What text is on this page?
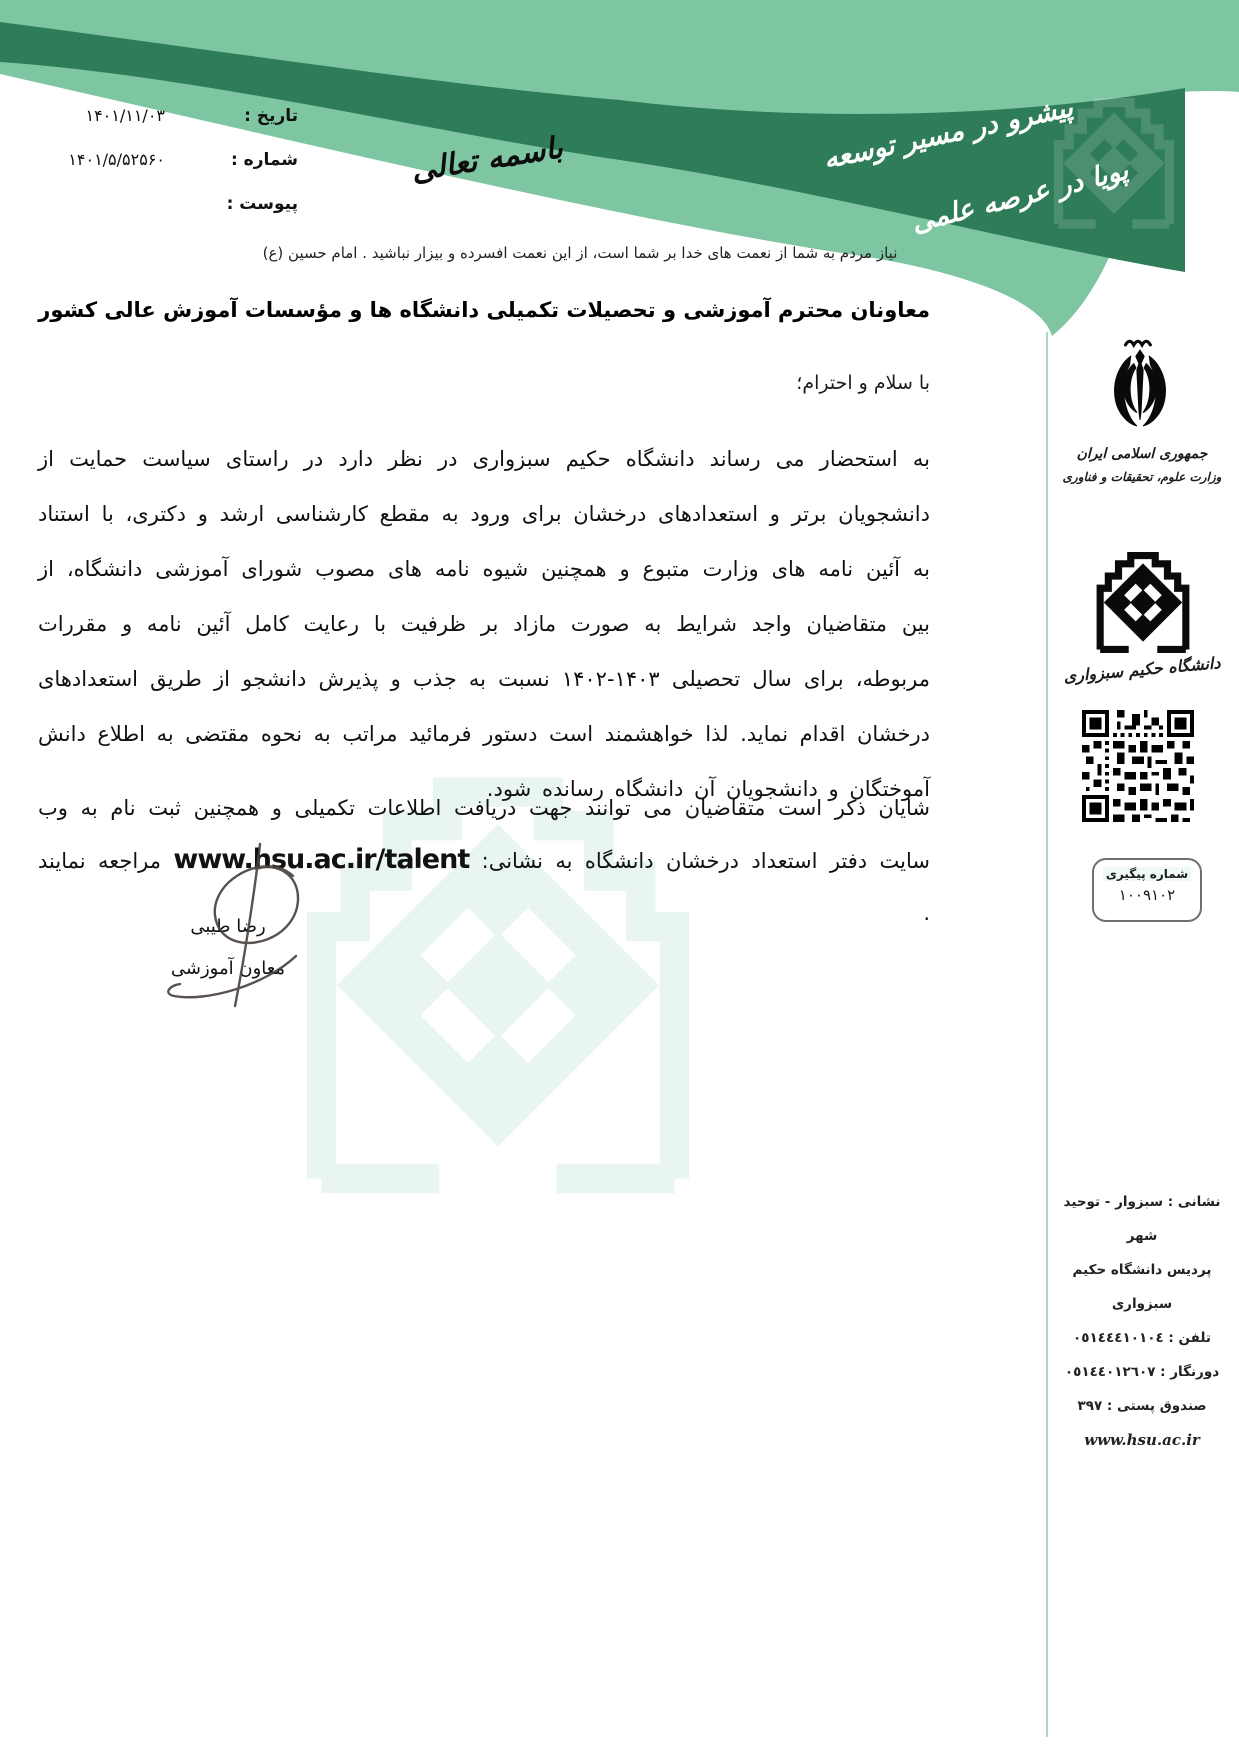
پیشرو در مسیر توسعه
پویا در عرصه علمی
تاریخ :
۱۴۰۱/۱۱/۰۳
شماره :
۱۴۰۱/۵/۵۲۵۶۰
پیوست :
باسمه تعالی
نیاز مردم به شما از نعمت های خدا بر شما است، از این نعمت افسرده و بیزار نباشید . امام حسین (ع)
معاونان محترم آموزشی و تحصیلات تکمیلی دانشگاه ها و مؤسسات آموزش عالی کشور
با سلام و احترام؛
به استحضار می رساند دانشگاه حکیم سبزواری در نظر دارد در راستای سیاست حمایت از دانشجویان برتر و استعدادهای درخشان برای ورود به مقطع کارشناسی ارشد و دکتری، با استناد به آئین نامه های وزارت متبوع و همچنین شیوه نامه های مصوب شورای آموزشی دانشگاه، از بین متقاضیان واجد شرایط به صورت مازاد بر ظرفیت با رعایت کامل آئین نامه و مقررات مربوطه، برای سال تحصیلی ۱۴۰۳-۱۴۰۲ نسبت به جذب و پذیرش دانشجو از طریق استعدادهای درخشان اقدام نماید. لذا خواهشمند است دستور فرمائید مراتب به نحوه مقتضی به اطلاع دانش آموختگان و دانشجویان آن دانشگاه رسانده شود.
شایان ذکر است متقاضیان می توانند جهت دریافت اطلاعات تکمیلی و همچنین ثبت نام به وب سایت دفتر استعداد درخشان دانشگاه به نشانی: www.hsu.ac.ir/talent مراجعه نمایند .
رضا طیبی
معاون آموزشی
جمهوری اسلامی ایران
وزارت علوم، تحقیقات و فناوری
دانشگاه حکیم سبزواری
شماره پیگیری
۱۰۰۹۱۰۲
نشانی : سبزوار - توحید شهر
پردیس دانشگاه حکیم سبزواری
تلفن : ٠٥١٤٤٤١٠١٠٤
دورنگار : ٠٥١٤٤٠١٢٦٠٧
صندوق پستی : ٣٩٧
www.hsu.ac.ir
